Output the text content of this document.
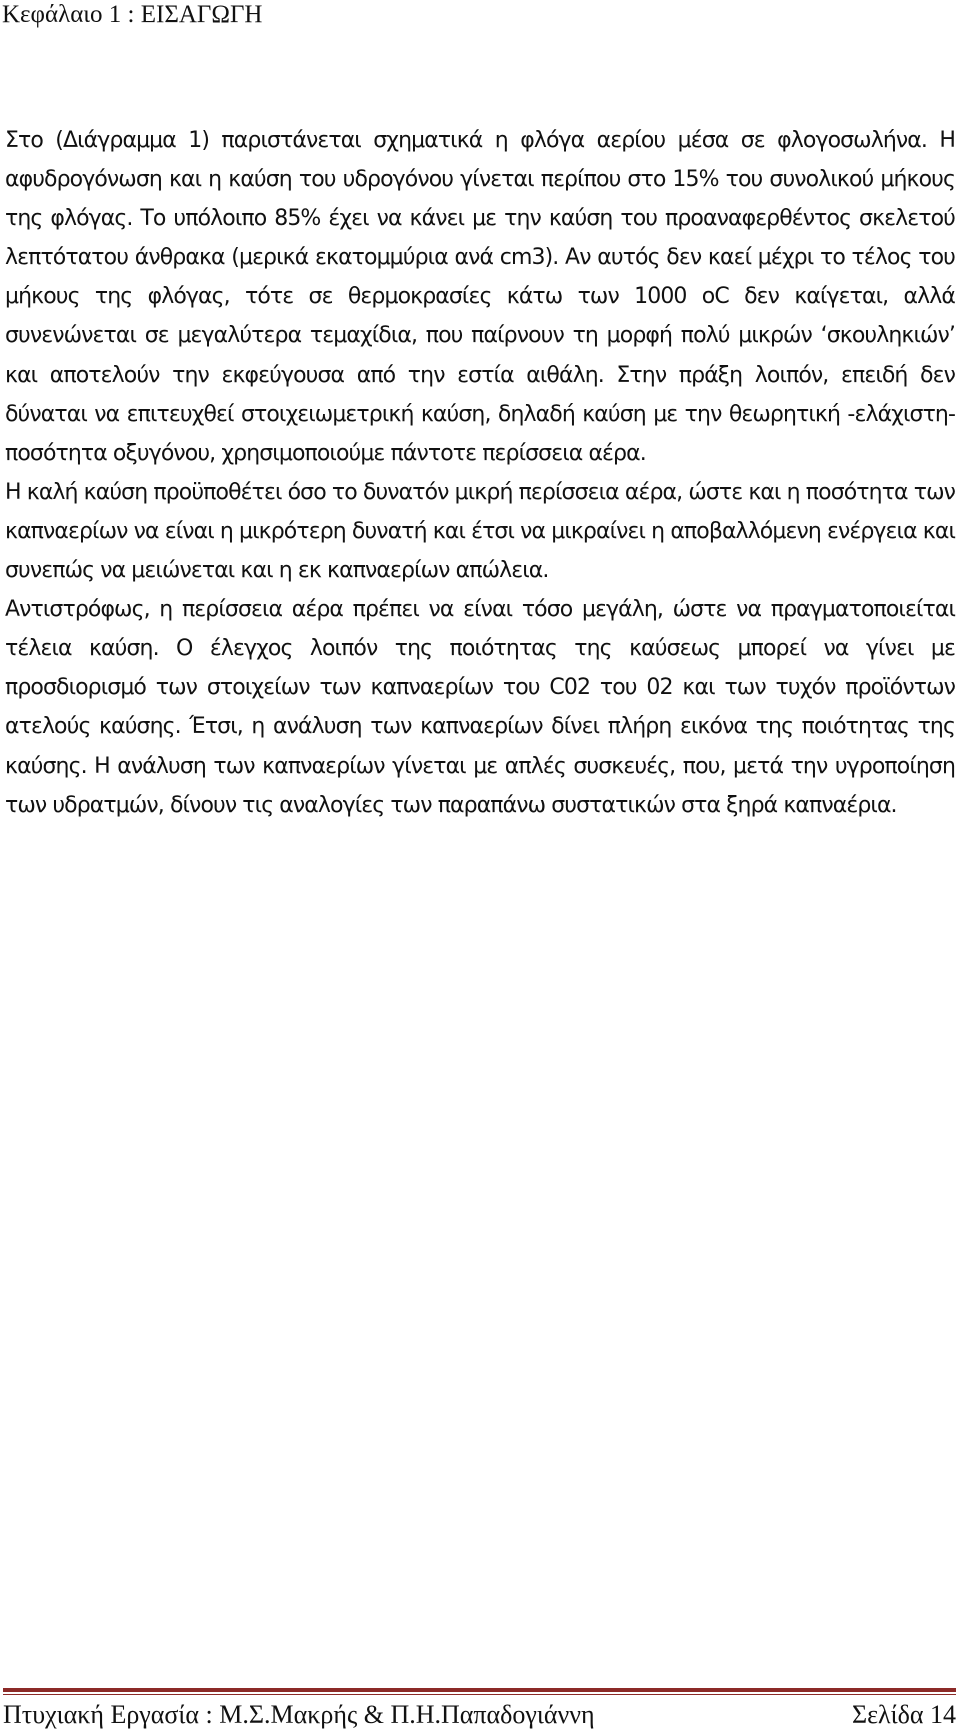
Κεφάλαιο 1 : ΕΙΣΑΓΩΓΗ

Στο (Διάγραμμα 1) παριστάνεται σχηματικά η φλόγα αερίου μέσα σε φλογοσωλήνα. Η αφυδρογόνωση και η καύση του υδρογόνου γίνεται περίπου στο 15% του συνολικού μήκους της φλόγας. Το υπόλοιπο 85% έχει να κάνει με την καύση του προαναφερθέντος σκελετού λεπτότατου άνθρακα (μερικά εκατομμύρια ανά cm3). Αν αυτός δεν καεί μέχρι το τέλος του μήκους της φλόγας, τότε σε θερμοκρασίες κάτω των 1000 oC δεν καίγεται, αλλά συνενώνεται σε μεγαλύτερα τεμαχίδια, που παίρνουν τη μορφή πολύ μικρών ‘σκουληκιών’ και αποτελούν την εκφεύγουσα από την εστία αιθάλη. Στην πράξη λοιπόν, επειδή δεν δύναται να επιτευχθεί στοιχειωμετρική καύση, δηλαδή καύση με την θεωρητική -ελάχιστη- ποσότητα οξυγόνου, χρησιμοποιούμε πάντοτε περίσσεια αέρα.

Η καλή καύση προϋποθέτει όσο το δυνατόν μικρή περίσσεια αέρα, ώστε και η ποσότητα των καπναερίων να είναι η μικρότερη δυνατή και έτσι να μικραίνει η αποβαλλόμενη ενέργεια και συνεπώς να μειώνεται και η εκ καπναερίων απώλεια.

Αντιστρόφως, η περίσσεια αέρα πρέπει να είναι τόσο μεγάλη, ώστε να πραγματοποιείται τέλεια καύση. Ο έλεγχος λοιπόν της ποιότητας της καύσεως μπορεί να γίνει με προσδιορισμό των στοιχείων των καπναερίων του C02 του 02 και των τυχόν προϊόντων ατελούς καύσης. Έτσι, η ανάλυση των καπναερίων δίνει πλήρη εικόνα της ποιότητας της καύσης. Η ανάλυση των καπναερίων γίνεται με απλές συσκευές, που, μετά την υγροποίηση των υδρατμών, δίνουν τις αναλογίες των παραπάνω συστατικών στα ξηρά καπναέρια.

Πτυχιακή Εργασία : Μ.Σ.Μακρής & Π.Η.Παπαδογιάννη	Σελίδα 14
